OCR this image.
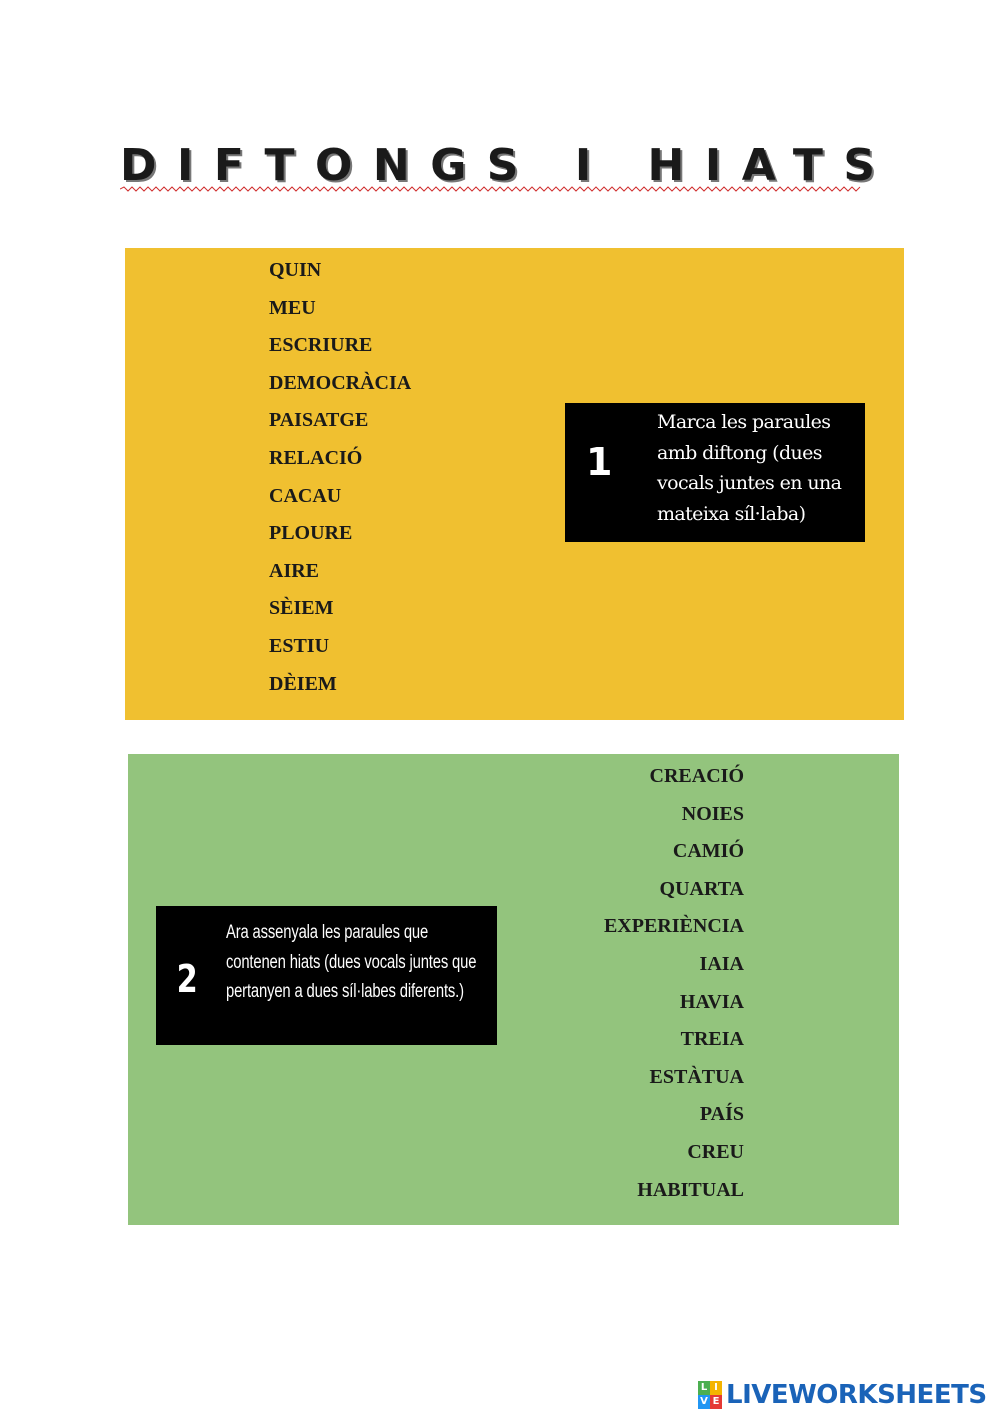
DIFTONGS I HIATS
QUIN
MEU
ESCRIURE
DEMOCRÀCIA
PAISATGE
RELACIÓ
CACAU
PLOURE
AIRE
SÈIEM
ESTIU
DÈIEM
1
Marca les paraules amb diftong (dues vocals juntes en una mateixa síl·laba)
CREACIÓ
NOIES
CAMIÓ
QUARTA
EXPERIÈNCIA
IAIA
HAVIA
TREIA
ESTÀTUA
PAÍS
CREU
HABITUAL
2
Ara assenyala les paraules que contenen hiats (dues vocals juntes que pertanyen a dues síl·labes diferents.)
L I
V E LIVEWORKSHEETS
